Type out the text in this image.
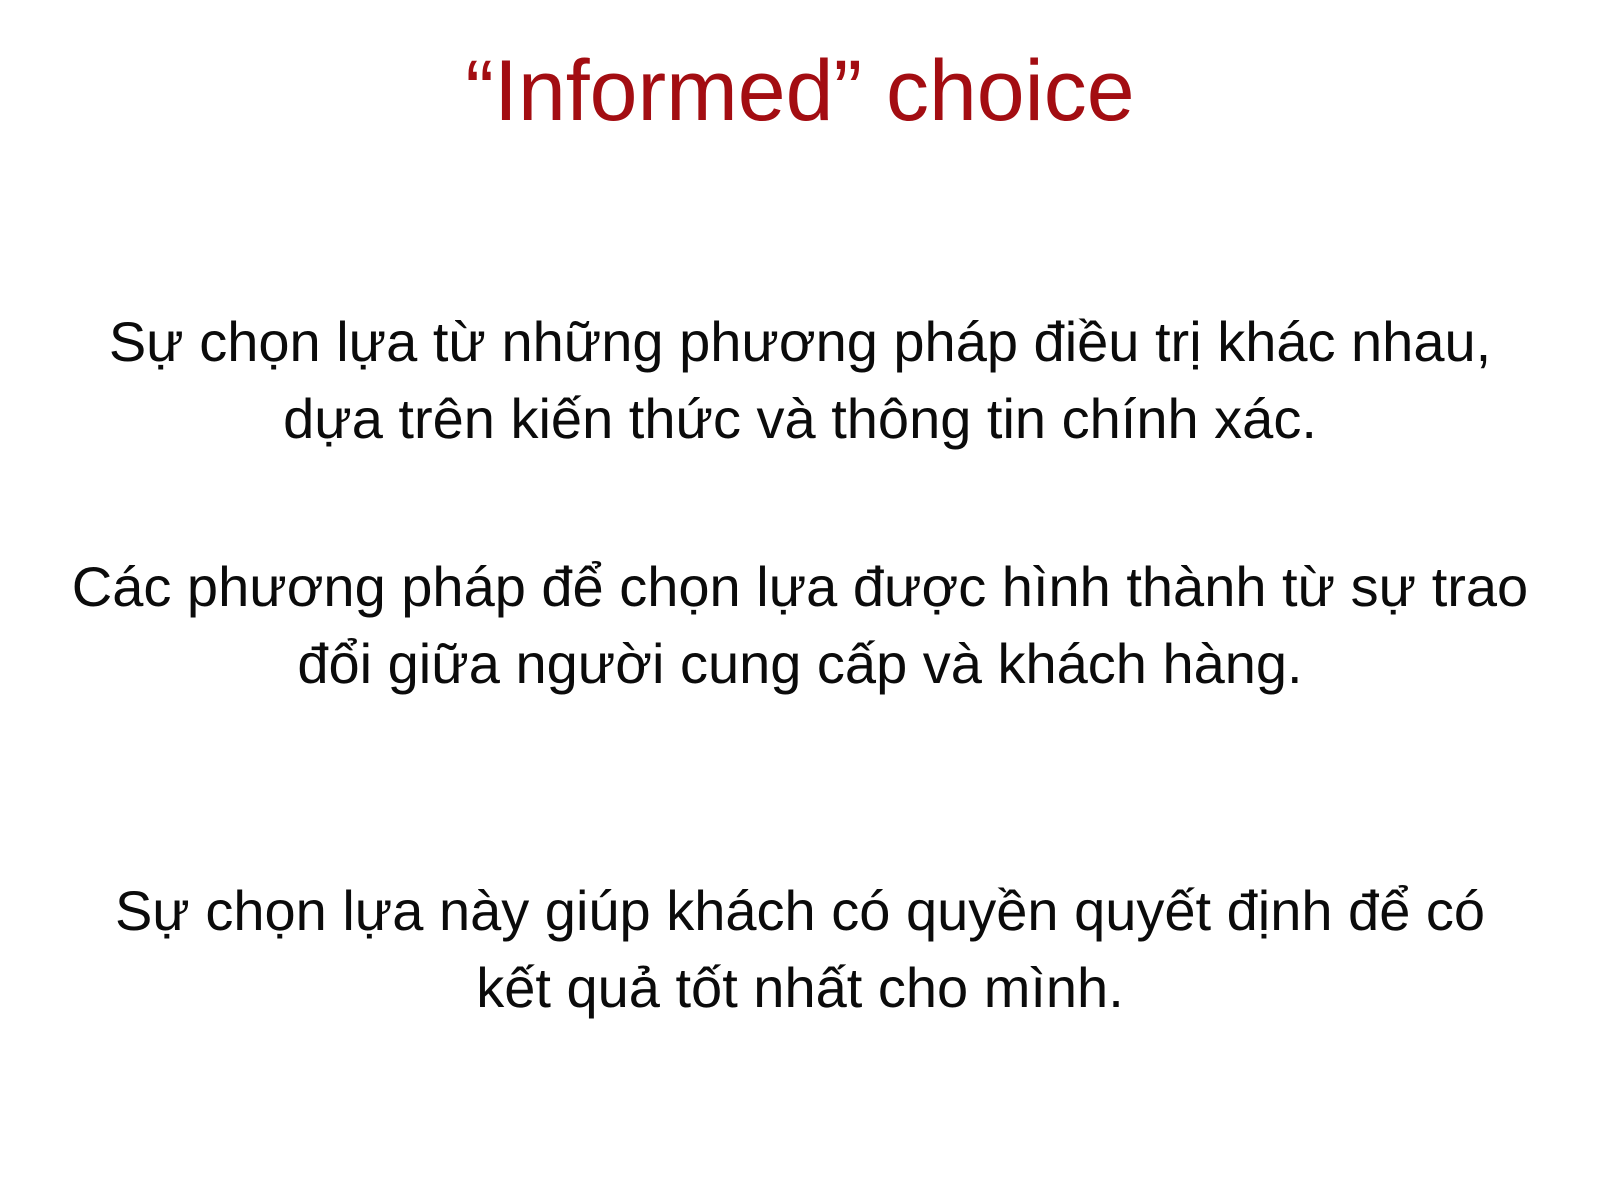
“Informed” choice

Sự chọn lựa từ những phương pháp điều trị khác nhau, dựa trên kiến thức và thông tin chính xác.

Các phương pháp để chọn lựa được hình thành từ sự trao đổi giữa người cung cấp và khách hàng.

Sự chọn lựa này giúp khách có quyền quyết định để có kết quả tốt nhất cho mình.
